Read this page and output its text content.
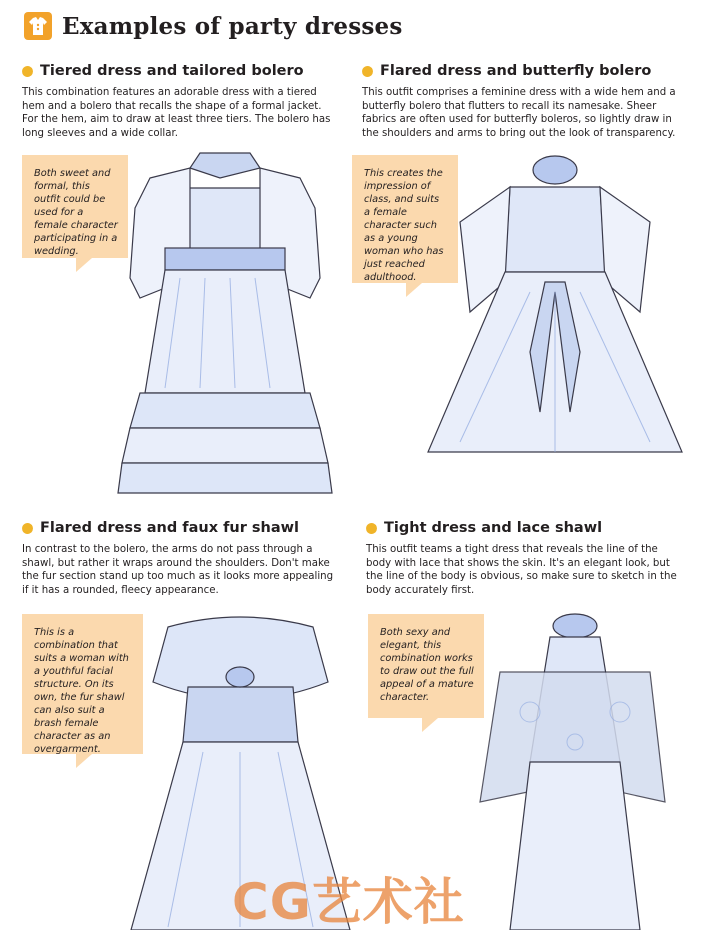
Examples of party dresses
Tiered dress and tailored bolero
This combination features an adorable dress with a tiered hem and a bolero that recalls the shape of a formal jacket. For the hem, aim to draw at least three tiers. The bolero has long sleeves and a wide collar.
Flared dress and butterfly bolero
This outfit comprises a feminine dress with a wide hem and a butterfly bolero that flutters to recall its namesake. Sheer fabrics are often used for butterfly boleros, so lightly draw in the shoulders and arms to bring out the look of transparency.
Flared dress and faux fur shawl
In contrast to the bolero, the arms do not pass through a shawl, but rather it wraps around the shoulders. Don't make the fur section stand up too much as it looks more appealing if it has a rounded, fleecy appearance.
Tight dress and lace shawl
This outfit teams a tight dress that reveals the line of the body with lace that shows the skin. It's an elegant look, but the line of the body is obvious, so make sure to sketch in the body accurately first.
Both sweet and formal, this outfit could be used for a female character participating in a wedding.
This creates the impression of class, and suits a female character such as a young woman who has just reached adulthood.
This is a combination that suits a woman with a youthful facial structure. On its own, the fur shawl can also suit a brash female character as an overgarment.
Both sexy and elegant, this combination works to draw out the full appeal of a mature character.
CG艺术社
